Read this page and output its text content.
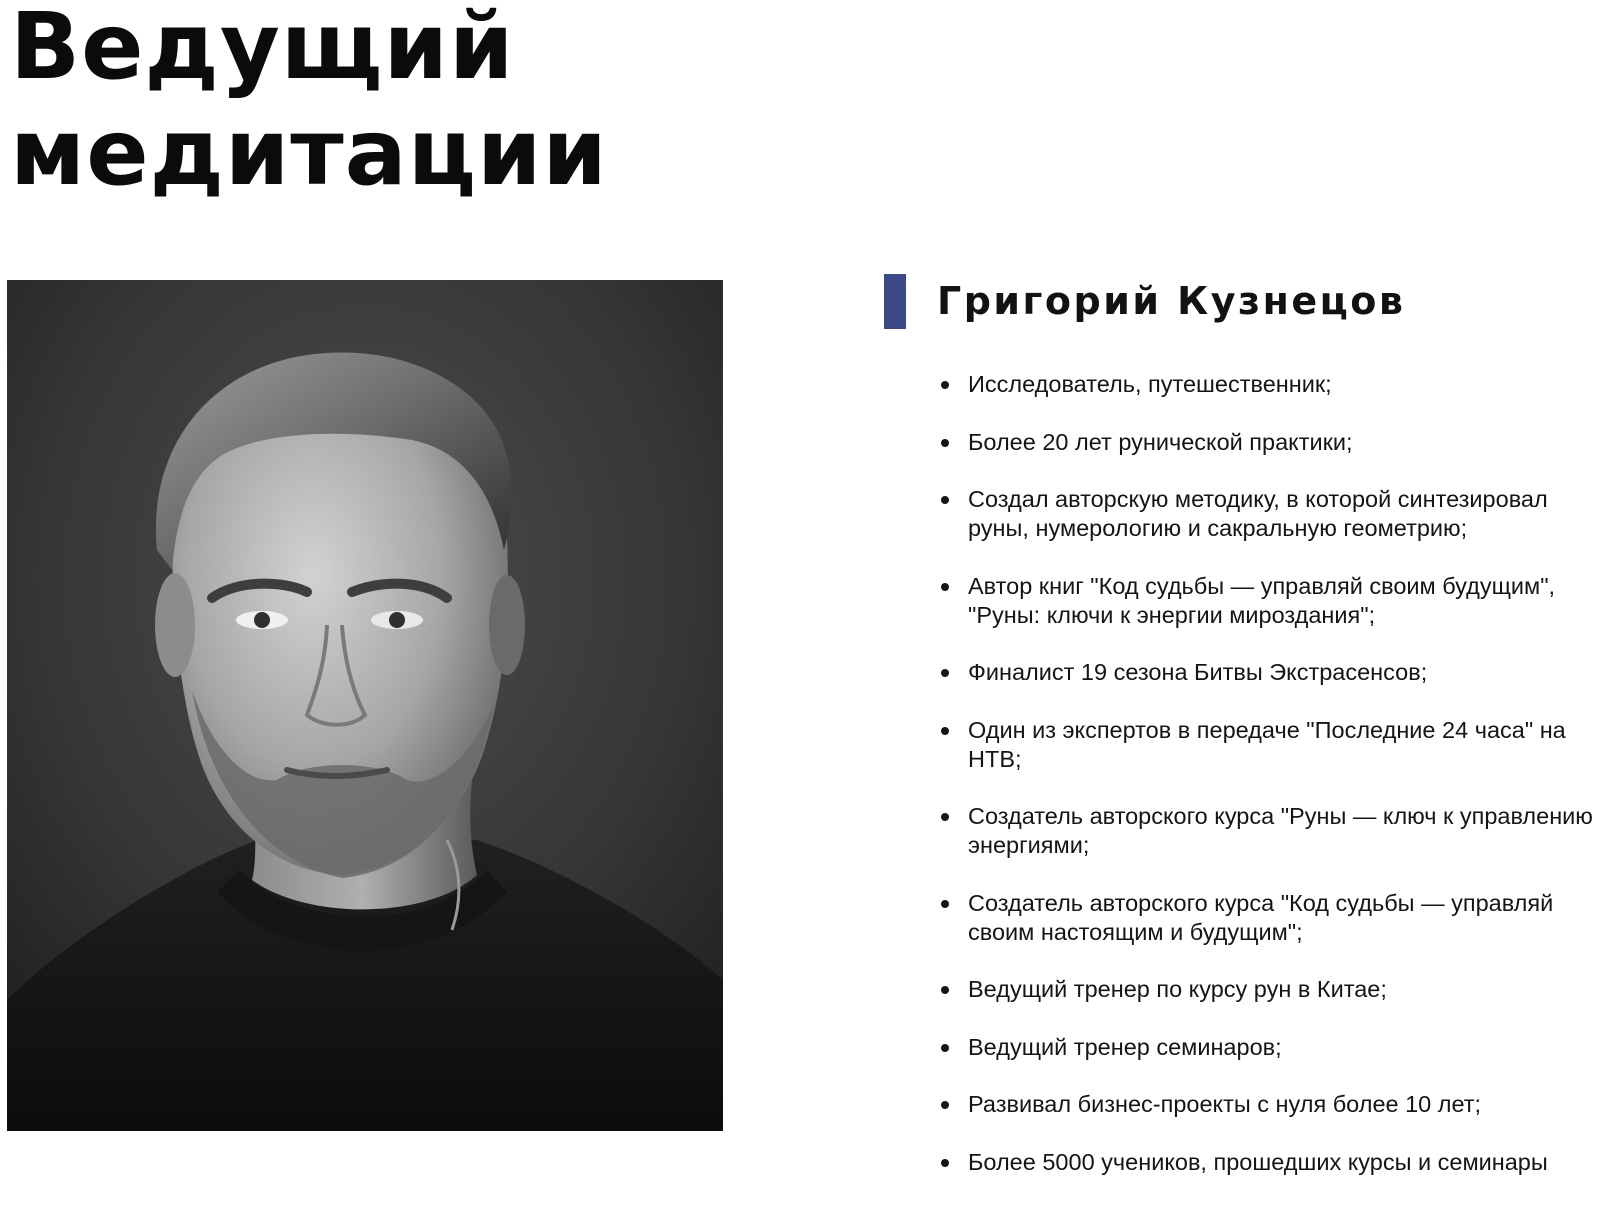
Ведущий
медитации
Григорий Кузнецов
Исследователь, путешественник;
Более 20 лет рунической практики;
Создал авторскую методику, в которой синтезировал руны, нумерологию и сакральную геометрию;
Автор книг "Код судьбы — управляй своим будущим", "Руны: ключи к энергии мироздания";
Финалист 19 сезона Битвы Экстрасенсов;
Один из экспертов в передаче "Последние 24 часа" на НТВ;
Создатель авторского курса "Руны — ключ к управлению энергиями;
Создатель авторского курса "Код судьбы — управляй своим настоящим и будущим";
Ведущий тренер по курсу рун в Китае;
Ведущий тренер семинаров;
Развивал бизнес-проекты с нуля более 10 лет;
Более 5000 учеников, прошедших курсы и семинары
